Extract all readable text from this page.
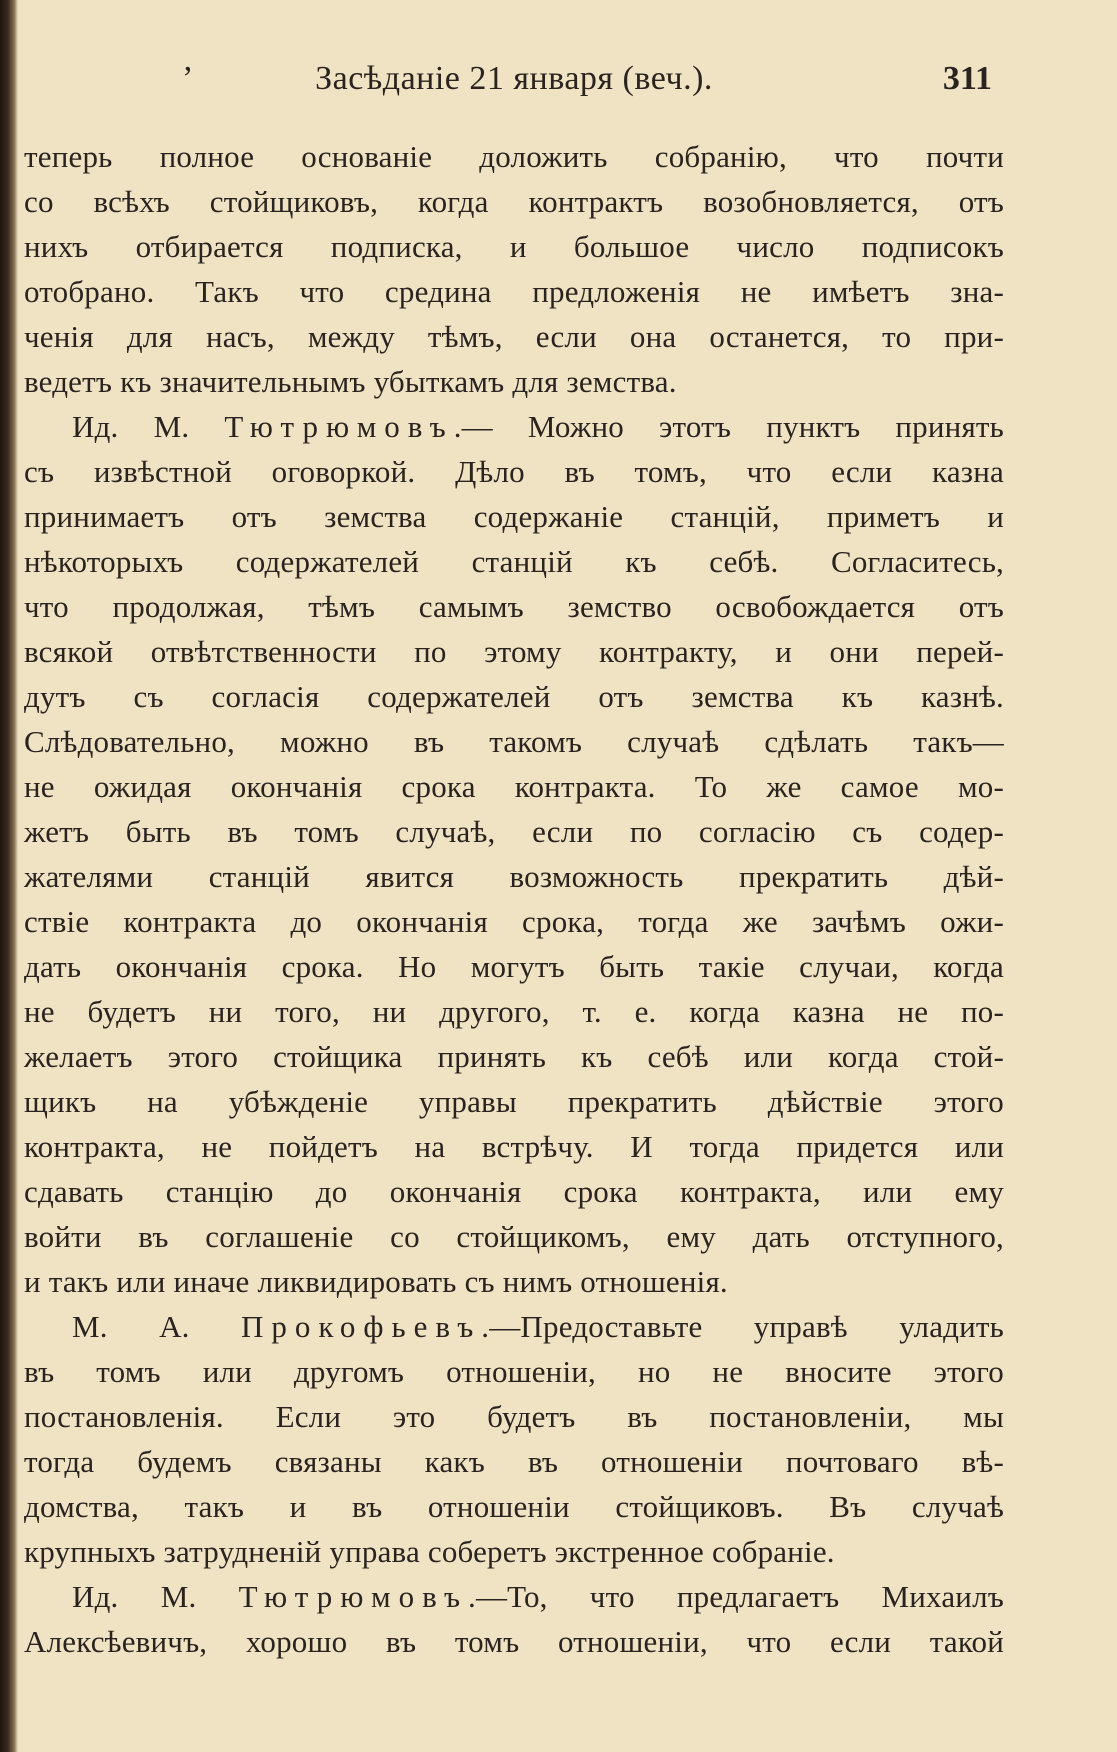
’	Засѣданіе 21 января (веч.).	311
теперь полное основаніе доложить собранію, что почти
со всѣхъ стойщиковъ, когда контрактъ возобновляется, отъ
нихъ отбирается подписка, и большое число подписокъ
отобрано. Такъ что средина предложенія не имѣетъ зна-
ченія для насъ, между тѣмъ, если она останется, то при-
ведетъ къ значительнымъ убыткамъ для земства.
Ид. М. Тютрюмовъ.— Можно этотъ пунктъ принять
съ извѣстной оговоркой. Дѣло въ томъ, что если казна
принимаетъ отъ земства содержаніе станцій, приметъ и
нѣкоторыхъ содержателей станцій къ себѣ. Согласитесь,
что продолжая, тѣмъ самымъ земство освобождается отъ
всякой отвѣтственности по этому контракту, и они перей-
дутъ съ согласія содержателей отъ земства къ казнѣ.
Слѣдовательно, можно въ такомъ случаѣ сдѣлать такъ—
не ожидая окончанія срока контракта. То же самое мо-
жетъ быть въ томъ случаѣ, если по согласію съ содер-
жателями станцій явится возможность прекратить дѣй-
ствіе контракта до окончанія срока, тогда же зачѣмъ ожи-
дать окончанія срока. Но могутъ быть такіе случаи, когда
не будетъ ни того, ни другого, т. е. когда казна не по-
желаетъ этого стойщика принять къ себѣ или когда стой-
щикъ на убѣжденіе управы прекратить дѣйствіе этого
контракта, не пойдетъ на встрѣчу. И тогда придется или
сдавать станцію до окончанія срока контракта, или ему
войти въ соглашеніе со стойщикомъ, ему дать отступного,
и такъ или иначе ликвидировать съ нимъ отношенія.
М. А. Прокофьевъ.—Предоставьте управѣ уладить
въ томъ или другомъ отношеніи, но не вносите этого
постановленія. Если это будетъ въ постановленіи, мы
тогда будемъ связаны какъ въ отношеніи почтоваго вѣ-
домства, такъ и въ отношеніи стойщиковъ. Въ случаѣ
крупныхъ затрудненій управа соберетъ экстренное собраніе.
Ид. М. Тютрюмовъ.—То, что предлагаетъ Михаилъ
Алексѣевичъ, хорошо въ томъ отношеніи, что если такой
